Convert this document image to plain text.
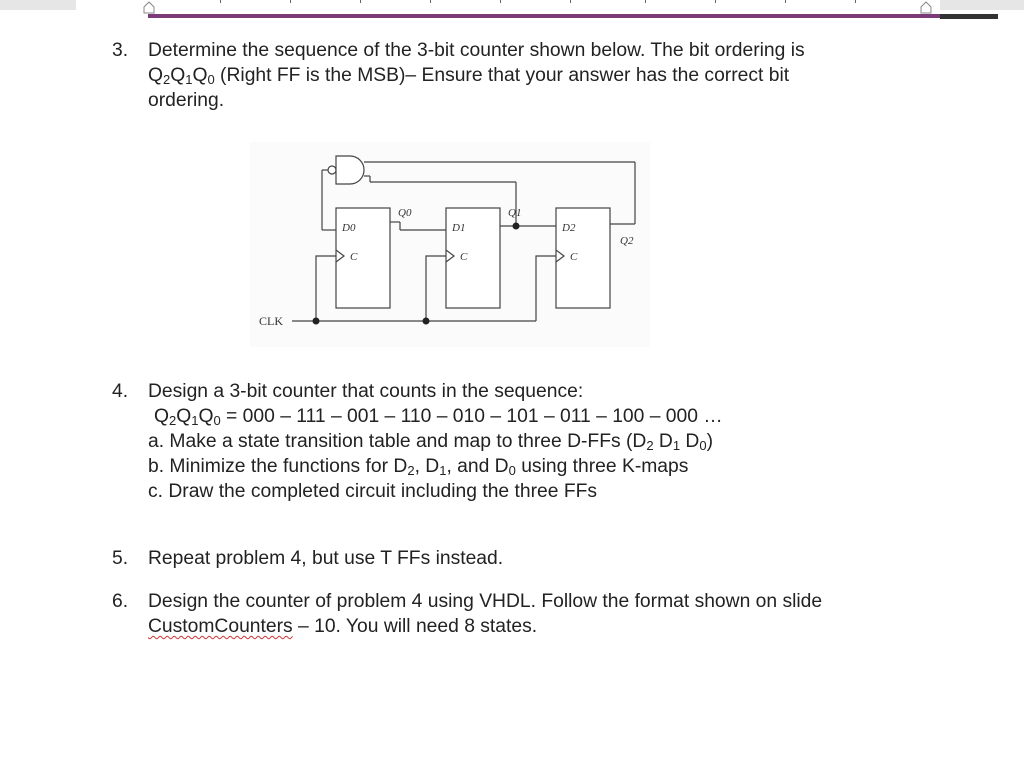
3. Determine the sequence of the 3-bit counter shown below. The bit ordering is
$Q_2Q_1Q_0$ (Right FF is the MSB)– Ensure that your answer has the correct bit
ordering.
CLK
D0
C
Q0
D1
C
Q1
D2
C
Q2
4. Design a 3-bit counter that counts in the sequence:
$Q_2Q_1Q_0 = 000 - 111 - 001 - 110 - 010 - 101 - 011 - 100 - 000$ …
a. Make a state transition table and map to three D-FFs ($D_2$ $D_1$ $D_0$)
b. Minimize the functions for $D_2$, $D_1$, and $D_0$ using three K-maps
c. Draw the completed circuit including the three FFs
5. Repeat problem 4, but use T FFs instead.
6. Design the counter of problem 4 using VHDL. Follow the format shown on slide
CustomCounters – 10. You will need 8 states.
